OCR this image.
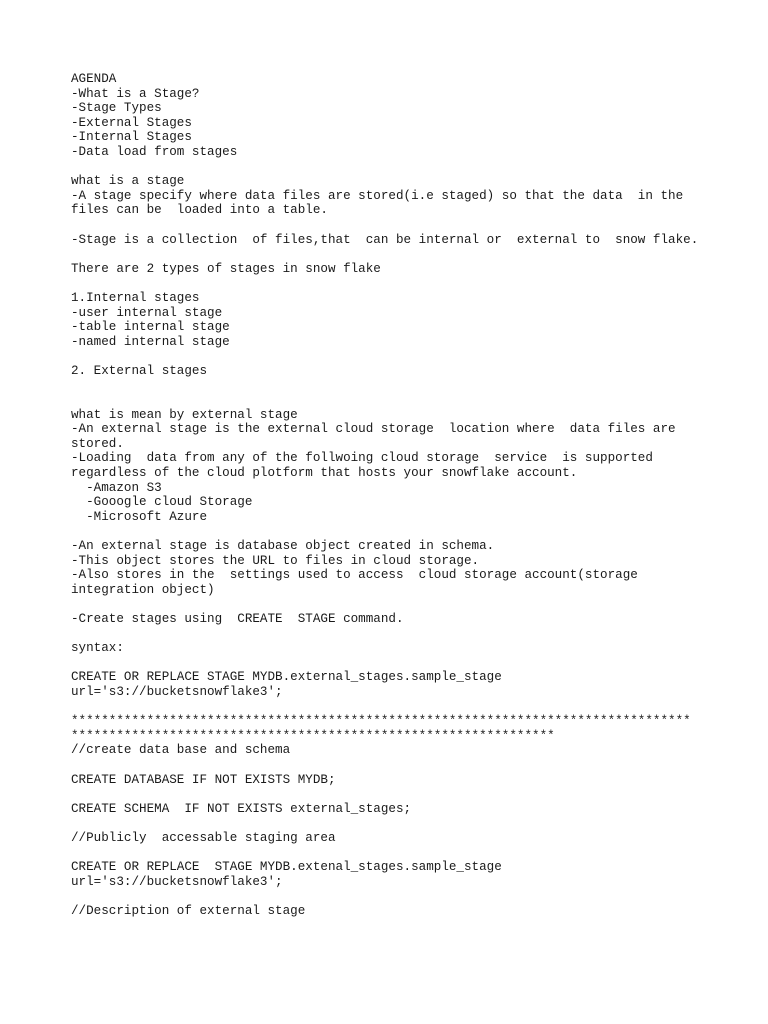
AGENDA
-What is a Stage?
-Stage Types
-External Stages
-Internal Stages
-Data load from stages
what is a stage
-A stage specify where data files are stored(i.e staged) so that the data  in the
files can be  loaded into a table.
-Stage is a collection  of files,that  can be internal or  external to  snow flake.
There are 2 types of stages in snow flake
1.Internal stages
-user internal stage
-table internal stage
-named internal stage
2. External stages
what is mean by external stage
-An external stage is the external cloud storage  location where  data files are
stored.
-Loading  data from any of the follwoing cloud storage  service  is supported
regardless of the cloud plotform that hosts your snowflake account.
-Amazon S3
-Gooogle cloud Storage
-Microsoft Azure
-An external stage is database object created in schema.
-This object stores the URL to files in cloud storage.
-Also stores in the  settings used to access  cloud storage account(storage
integration object)
-Create stages using  CREATE  STAGE command.
syntax:
CREATE OR REPLACE STAGE MYDB.external_stages.sample_stage
url='s3://bucketsnowflake3';
**********************************************************************************
****************************************************************
//create data base and schema
CREATE DATABASE IF NOT EXISTS MYDB;
CREATE SCHEMA  IF NOT EXISTS external_stages;
//Publicly  accessable staging area
CREATE OR REPLACE  STAGE MYDB.extenal_stages.sample_stage
url='s3://bucketsnowflake3';
//Description of external stage
